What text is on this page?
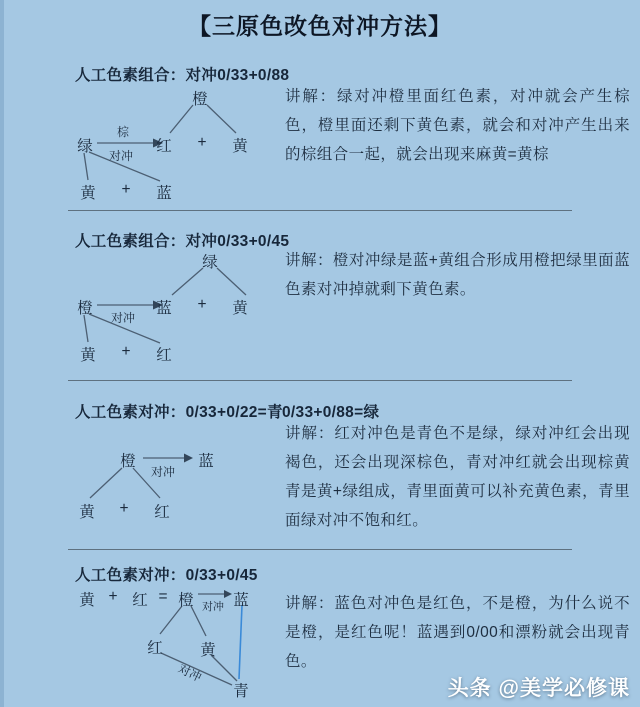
【三原色改色对冲方法】
人工色素组合：对冲0/33+0/88
橙
红 + 黄
绿
棕
对冲
黄 + 蓝
讲解：绿对冲橙里面红色素，对冲就会产生棕色，橙里面还剩下黄色素，就会和对冲产生出来的棕组合一起，就会出现来麻黄=黄棕
人工色素组合：对冲0/33+0/45
绿
蓝 + 黄
橙
对冲
黄 + 红
讲解：橙对冲绿是蓝+黄组合形成用橙把绿里面蓝色素对冲掉就剩下黄色素。
人工色素对冲：0/33+0/22=青 0/33+0/88=绿
橙
对冲
蓝
黄 + 红
讲解：红对冲色是青色不是绿，绿对冲红会出现褐色，还会出现深棕色，青对冲红就会出现棕黄青是黄+绿组成，青里面黄可以补充黄色素，青里面绿对冲不饱和红。
人工色素对冲：0/33+0/45
黄 + 红 = 橙 对冲 蓝
红 黄
对冲
青
讲解：蓝色对冲色是红色，不是橙，为什么说不是橙，是红色呢！蓝遇到0/00和漂粉就会出现青色。
头条 @美学必修课
